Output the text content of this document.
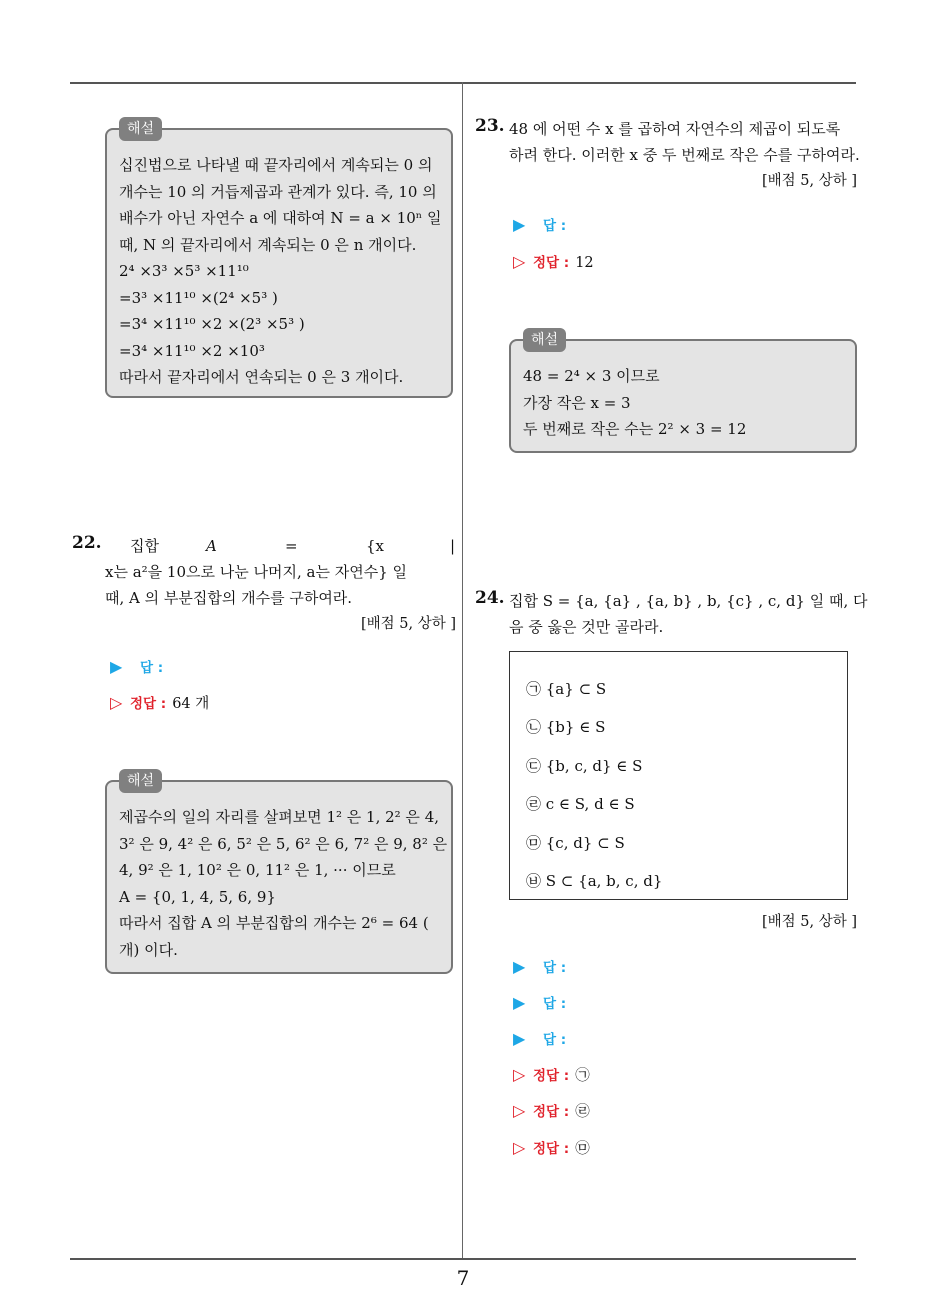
해설
십진법으로 나타낼 때 끝자리에서 계속되는 0 의
개수는 10 의 거듭제곱과 관계가 있다. 즉, 10 의
배수가 아닌 자연수 a 에 대하여 N = a × 10ⁿ 일
때, N 의 끝자리에서 계속되는 0 은 n 개이다.
2⁴ ×3³ ×5³ ×11¹⁰
=3³ ×11¹⁰ ×(2⁴ ×5³ )
=3⁴ ×11¹⁰ ×2 ×(2³ ×5³ )
=3⁴ ×11¹⁰ ×2 ×10³
따라서 끝자리에서 연속되는 0 은 3 개이다.
22. 집합	A	=	{x	|
x는 a²을 10으로 나눈 나머지, a는 자연수} 일
때, A 의 부분집합의 개수를 구하여라.
[배점 5, 상하 ]
▶ 답 :
▷ 정답 : 64 개
해설
제곱수의 일의 자리를 살펴보면 1² 은 1, 2² 은 4,
3² 은 9, 4² 은 6, 5² 은 5, 6² 은 6, 7² 은 9, 8² 은
4, 9² 은 1, 10² 은 0, 11² 은 1, ··· 이므로
A = {0, 1, 4, 5, 6, 9}
따라서 집합 A 의 부분집합의 개수는 2⁶ = 64 (
개) 이다.
23. 48 에 어떤 수 x 를 곱하여 자연수의 제곱이 되도록
하려 한다. 이러한 x 중 두 번째로 작은 수를 구하여라.
[배점 5, 상하 ]
▶ 답 :
▷ 정답 : 12
해설
48 = 2⁴ × 3 이므로
가장 작은 x = 3
두 번째로 작은 수는 2² × 3 = 12
24. 집합 S = {a, {a} , {a, b} , b, {c} , c, d} 일 때, 다
음 중 옳은 것만 골라라.
㉠ {a} ⊂ S
㉡ {b} ∈ S
㉢ {b, c, d} ∈ S
㉣ c ∈ S, d ∈ S
㉤ {c, d} ⊂ S
㉥ S ⊂ {a, b, c, d}
[배점 5, 상하 ]
▶ 답 :
▶ 답 :
▶ 답 :
▷ 정답 : ㉠
▷ 정답 : ㉣
▷ 정답 : ㉤
7
